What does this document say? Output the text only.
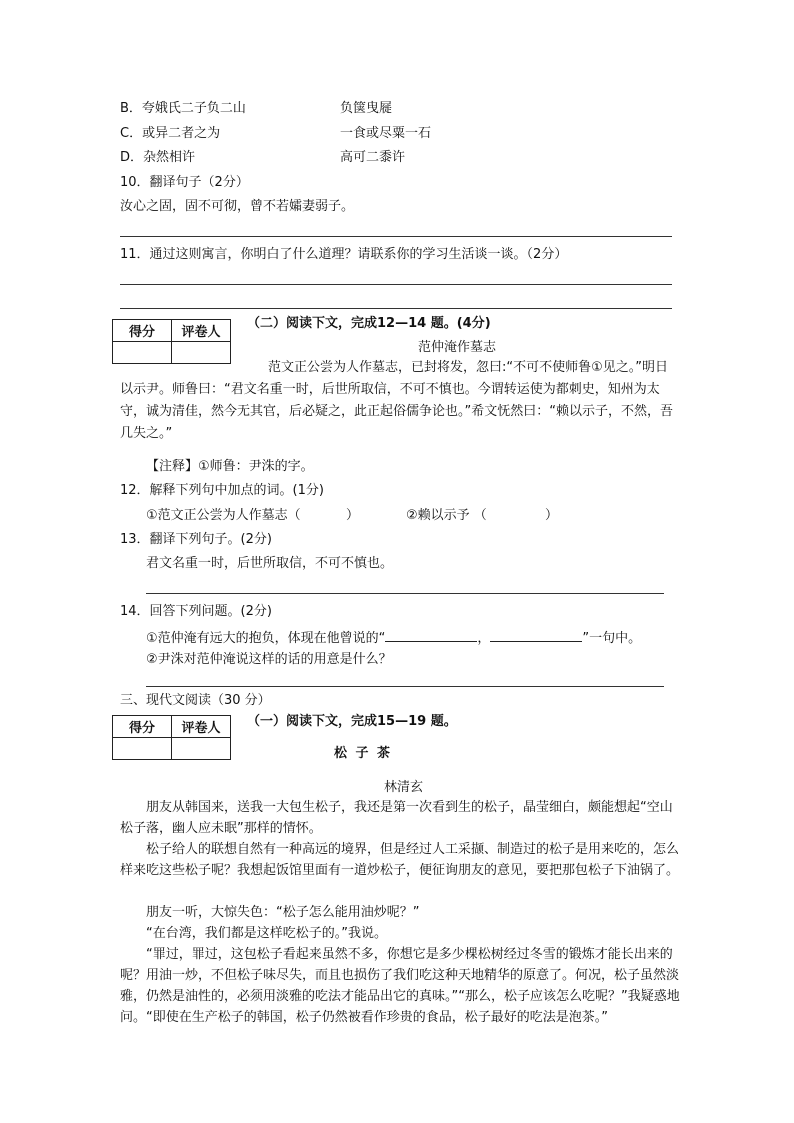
B．夸娥氏二子负二山	负箧曳屣
C．或异二者之为	一食或尽粟一石
D．杂然相许	高可二黍许
10．翻译句子（2分）
汝心之固，固不可彻，曾不若孀妻弱子。
11．通过这则寓言，你明白了什么道理？请联系你的学习生活谈一谈。（2分）
得分	评卷人

（二）阅读下文，完成12—14 题。(4分)
范仲淹作墓志
范文正公尝为人作墓志，已封将发，忽曰:“不可不使师鲁①见之。”明日以示尹。师鲁曰：“君文名重一时，后世所取信，不可不慎也。今谓转运使为都刺史，知州为太守，诚为清佳，然今无其官，后必疑之，此正起俗儒争论也。”希文怃然曰：“赖以示子，不然，吾几失之。”
【注释】①师鲁：尹洙的字。
12．解释下列句中加点的词。(1分)
①范文正公尝为人作墓志（	）	②赖以示予 （	）
13．翻译下列句子。(2分)
君文名重一时，后世所取信，不可不慎也。
14．回答下列问题。(2分)
①范仲淹有远大的抱负，体现在他曾说的“	，	”一句中。
②尹洙对范仲淹说这样的话的用意是什么？
三、现代文阅读（30 分）
得分	评卷人
	（一）阅读下文，完成15—19 题。
松 子 茶
林清玄
朋友从韩国来，送我一大包生松子，我还是第一次看到生的松子，晶莹细白，颇能想起“空山松子落，幽人应未眠”那样的情怀。
松子给人的联想自然有一种高远的境界，但是经过人工采撷、制造过的松子是用来吃的，怎么样来吃这些松子呢？我想起饭馆里面有一道炒松子，便征询朋友的意见，要把那包松子下油锅了。
朋友一听，大惊失色：“松子怎么能用油炒呢？”
“在台湾，我们都是这样吃松子的。”我说。
“罪过，罪过，这包松子看起来虽然不多，你想它是多少棵松树经过冬雪的锻炼才能长出来的呢？用油一炒，不但松子味尽失，而且也损伤了我们吃这种天地精华的原意了。何况，松子虽然淡雅，仍然是油性的，必须用淡雅的吃法才能品出它的真味。”“那么，松子应该怎么吃呢？”我疑惑地问。“即使在生产松子的韩国，松子仍然被看作珍贵的食品，松子最好的吃法是泡茶。”
